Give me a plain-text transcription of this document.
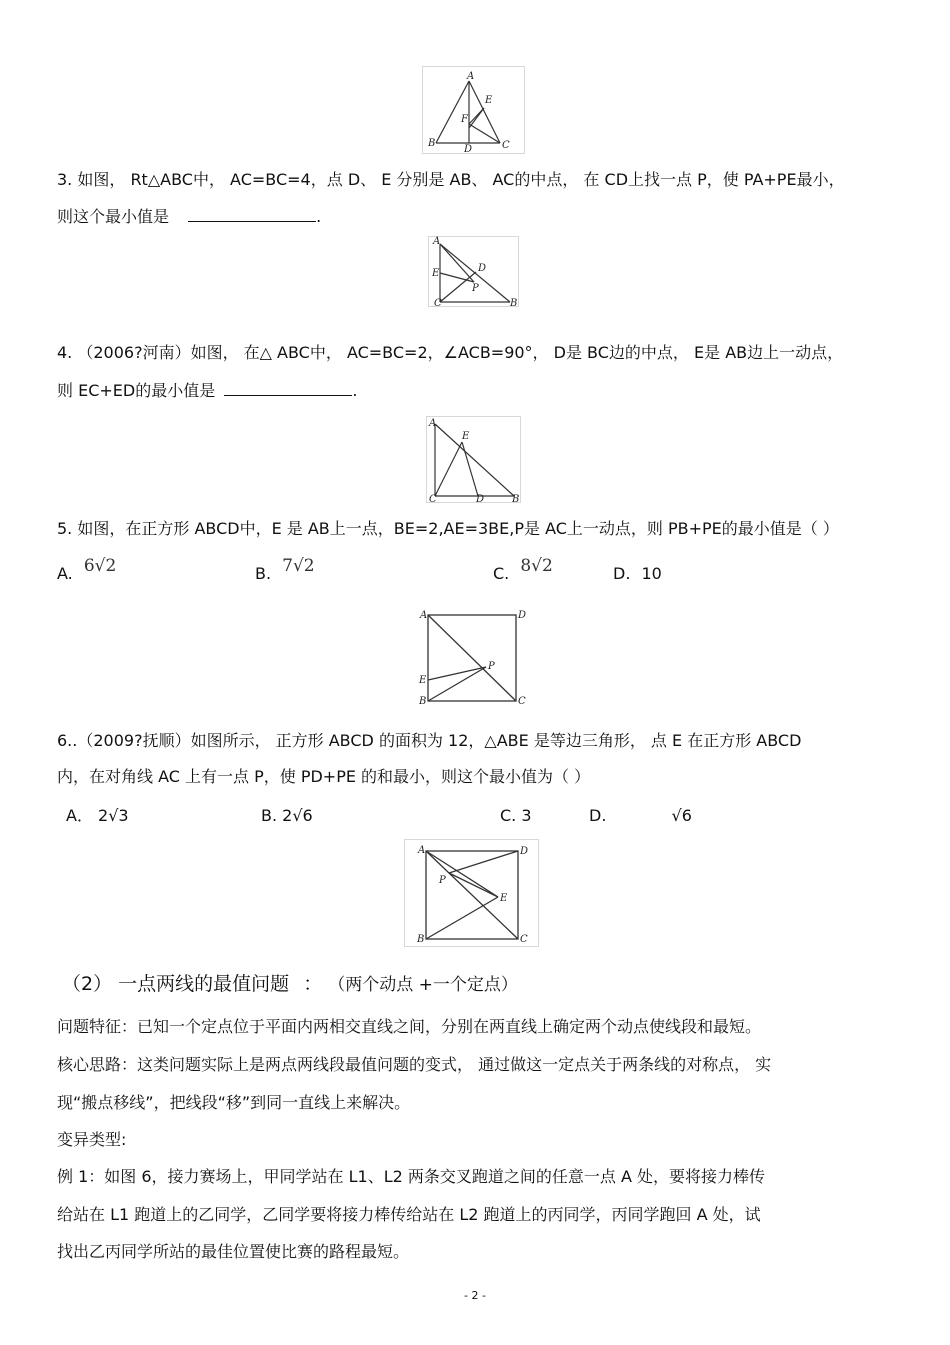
A
E
F
B
D	C
3. 如图， Rt△ABC中， AC=BC=4，点 D、 E 分别是 AB、 AC的中点， 在 CD上找一点 P，使 PA+PE最小，
则这个最小值是	.
A
E	D
P
C	B
4. （2006?河南）如图， 在△ ABC中， AC=BC=2，∠ACB=90°， D是 BC边的中点， E是 AB边上一动点，
则 EC+ED的最小值是	.
A
E
C	D	B
5. 如图，在正方形 ABCD中，E 是 AB上一点，BE=2,AE=3BE,P是 AC上一动点，则 PB+PE的最小值是（ ）
A. 6√2	B. 7√2	C. 8√2	D. 10
A	D
P
E
B	C
6..（2009?抚顺）如图所示， 正方形 ABCD 的面积为 12，△ABE 是等边三角形， 点 E 在正方形 ABCD
内，在对角线 AC 上有一点 P，使 PD+PE 的和最小，则这个最小值为（ ）
A． 2√3	B. 2√6	C. 3	D.	√6
A	D
P
E
B	C
（2） 一点两线的最值问题 ： （两个动点 +一个定点）
问题特征：已知一个定点位于平面内两相交直线之间，分别在两直线上确定两个动点使线段和最短。
核心思路：这类问题实际上是两点两线段最值问题的变式， 通过做这一定点关于两条线的对称点， 实
现“搬点移线”，把线段“移”到同一直线上来解决。
变异类型:
例 1：如图 6，接力赛场上，甲同学站在 L1、L2 两条交叉跑道之间的任意一点 A 处，要将接力棒传
给站在 L1 跑道上的乙同学，乙同学要将接力棒传给站在 L2 跑道上的丙同学，丙同学跑回 A 处，试
找出乙丙同学所站的最佳位置使比赛的路程最短。
- 2 -
